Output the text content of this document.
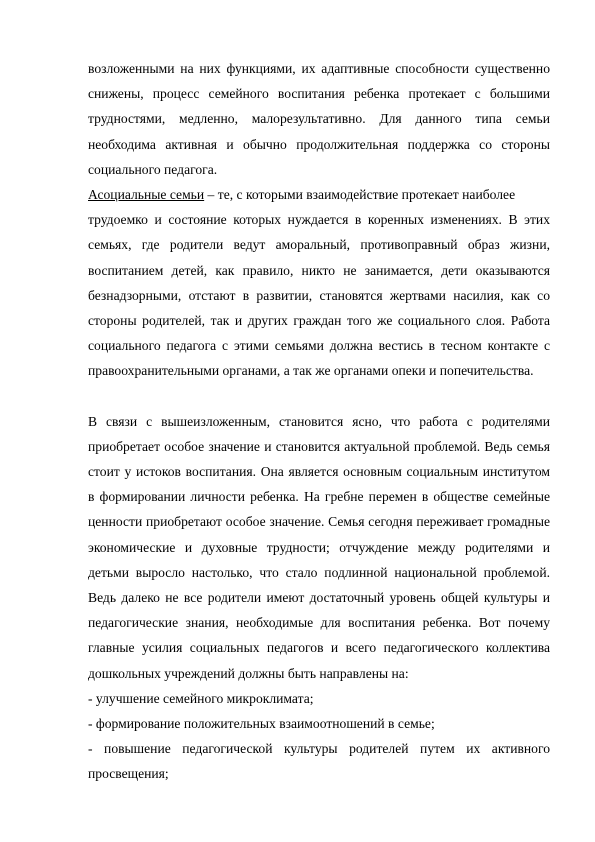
возложенными на них функциями, их адаптивные способности существенно
снижены, процесс семейного воспитания ребенка протекает с большими
трудностями, медленно, малорезультативно. Для данного типа семьи
необходима активная и обычно продолжительная поддержка со стороны
социального педагога.
Асоциальные семьи – те, с которыми взаимодействие протекает наиболее
трудоемко и состояние которых нуждается в коренных изменениях. В этих
семьях, где родители ведут аморальный, противоправный образ жизни,
воспитанием детей, как правило, никто не занимается, дети оказываются
безнадзорными, отстают в развитии, становятся жертвами насилия, как со
стороны родителей, так и других граждан того же социального слоя. Работа
социального педагога с этими семьями должна вестись в тесном контакте с
правоохранительными органами, а так же органами опеки и попечительства.
В связи с вышеизложенным, становится ясно, что работа с родителями
приобретает особое значение и становится актуальной проблемой. Ведь семья
стоит у истоков воспитания. Она является основным социальным институтом
в формировании личности ребенка. На гребне перемен в обществе семейные
ценности приобретают особое значение. Семья сегодня переживает громадные
экономические и духовные трудности; отчуждение между родителями и
детьми выросло настолько, что стало подлинной национальной проблемой.
Ведь далеко не все родители имеют достаточный уровень общей культуры и
педагогические знания, необходимые для воспитания ребенка. Вот почему
главные усилия социальных педагогов и всего педагогического коллектива
дошкольных учреждений должны быть направлены на:
- улучшение семейного микроклимата;
- формирование положительных взаимоотношений в семье;
- повышение педагогической культуры родителей путем их активного
просвещения;
